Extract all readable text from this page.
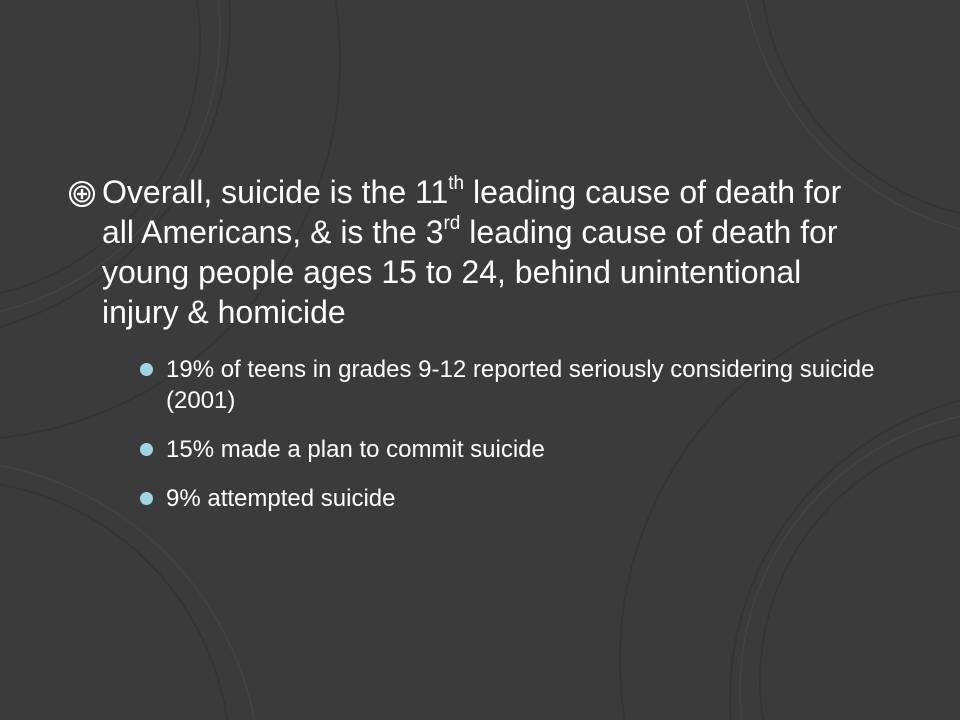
Overall, suicide is the 11th leading cause of death for all Americans, & is the 3rd leading cause of death for young people ages 15 to 24, behind unintentional injury & homicide
19% of teens in grades 9-12 reported seriously considering suicide (2001)
15% made a plan to commit suicide
9% attempted suicide
